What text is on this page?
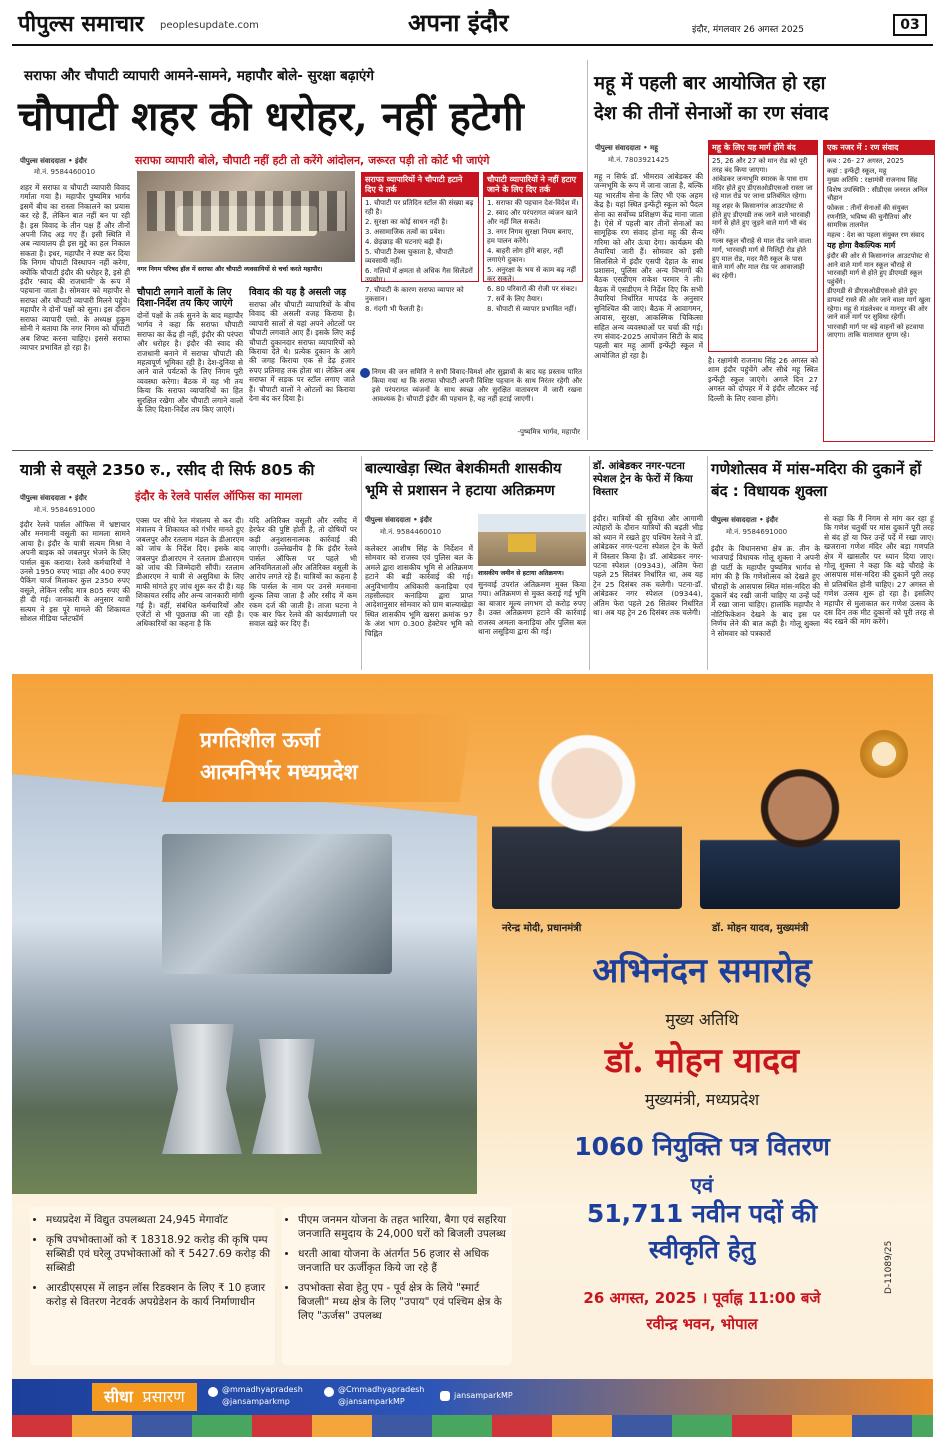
पीपुल्स समाचार peoplesupdate.com	अपना इंदौर	इंदौर, मंगलवार 26 अगस्त 2025	03
सराफा और चौपाटी व्यापारी आमने-सामने, महापौर बोले- सुरक्षा बढ़ाएंगे
चौपाटी शहर की धरोहर, नहीं हटेगी
पीपुल्स संवाददाता • इंदौर
मो.नं. 9584460010
सराफा व्यापारी बोले, चौपाटी नहीं हटी तो करेंगे आंदोलन, जरूरत पड़ी तो कोर्ट भी जाएंगे
शहर में सराफा व चौपाटी व्यापारी विवाद गर्माता गया है। महापौर पुष्यमित्र भार्गव इसमें बीच का रास्ता निकालने का प्रयास कर रहे हैं, लेकिन बात नहीं बन पा रही है। इस विवाद के तीन पक्ष हैं और तीनों अपनी जिद अड़ गए हैं। इसी स्थिति में अब न्यायालय ही इस मुद्दे का हल निकाल सकता है। इधर, महापौर ने स्पष्ट कर दिया कि निगम चौपाटी विस्थापन नहीं करेगा, क्योंकि चौपाटी इंदौर की धरोहर है, इसे ही इंदौर 'स्वाद की राजधानी' के रूप में पहचाना जाता है। सोमवार को महापौर से सराफा और चौपाटी व्यापारी मिलने पहुंचे। महापौर ने दोनों पक्षों को सुना। इस दौरान सराफा व्यापारी एसो. के अध्यक्ष हुकुम सोनी ने बताया कि नगर निगम को चौपाटी अब शिफ्ट करना चाहिए। इससे सराफा व्यापार प्रभावित हो रहा है।
नगर निगम परिषद हॉल में सराफा और चौपाटी व्यवसायियों से चर्चा करते महापौर।
सराफा व्यापारियों ने चौपाटी हटाने दिए ये तर्क
1. चौपाटी पर प्रतिदिन स्टॉल की संख्या बढ़ रही है।
2. सुरक्षा का कोई साधन नहीं है।
3. असामाजिक तत्वों का प्रवेश।
4. छेड़छाड़ की घटनाएं बढ़ी हैं।
5. चौपाटी टैक्स चुकाता है, चौपाटी व्यवसायी नहीं।
6. गलियों में क्षमता से अधिक गैस सिलेंडरों उपयोग।
7. चौपाटी के कारण सराफा व्यापार को नुकसान।
8. गंदगी भी फैलती है।
चौपाटी व्यापारियों ने नहीं हटाए जाने के लिए दिए तर्क
1. सराफा की पहचान देश-विदेश में।
2. स्वाद और परंपरागत व्यंजन खाने और नहीं मिल सकते।
3. नगर निगम सुरक्षा नियम बनाए, हम पालन करेंगे।
4. बाहरी लोग होंगे बाहर, नहीं लगाएंगे दुकान।
5. अनुरक्षा के भय से काम बढ़ नहीं कर सकते।
6. 80 परिवारों की रोजी पर संकट।
7. सर्वे के लिए तैयार।
8. चौपाटी से व्यापार प्रभावित नहीं।
चौपाटी लगाने वालों के लिए दिशा-निर्देश तय किए जाएंगे
दोनों पक्षों के तर्क सुनने के बाद महापौर भार्गव ने कहा कि सराफा चौपाटी सराफा का केंद्र ही नहीं, इंदौर की परंपरा और धरोहर है। इंदौर की स्वाद की राजधानी बनाने में सराफा चौपाटी की महत्वपूर्ण भूमिका रही है। देश-दुनिया से आने वाले पर्यटकों के लिए निगम पूरी व्यवस्था करेगा। बैठक में यह भी तय किया कि सराफा व्यापारियों का हित सुरक्षित रखेगा और चौपाटी लगाने वालों के लिए दिशा-निर्देश तय किए जाएंगे।
विवाद की यह है असली जड़
सराफा और चौपाटी व्यापारियों के बीच विवाद की असली वजह किराया है। व्यापारी सालों से यहां अपने ओटलों पर चौपाटी लगवाते आए हैं। इसके लिए कई चौपाटी दुकानदार सराफा व्यापारियों को किराया देते थे। प्रत्येक दुकान के आगे की जगह किराया एक से डेढ़ हजार रुपए प्रतिमाह तक होता था। लेकिन अब सराफा में सड़क पर स्टॉल लगाए जाते हैं। चौपाटी वालों ने ओटलों का किराया देना बंद कर दिया है।
निगम की जन समिति ने सभी विवाद-विमर्श और सुझावों के बाद यह प्रस्ताव पारित किया गया था कि सराफा चौपाटी अपनी विशिष्ट पहचान के साथ निरंतर रहेगी और इसे परंपरागत व्यंजनों के साथ स्वच्छ और सुरक्षित वातावरण में जारी रखना आवश्यक है। चौपाटी इंदौर की पहचान है, यह नहीं हटाई जाएगी।
-पुष्यमित्र भार्गव, महापौर
महू में पहली बार आयोजित हो रहा
देश की तीनों सेनाओं का रण संवाद
पीपुल्स संवाददाता • महू
मो.नं. 7803921425
महू न सिर्फ डॉ. भीमराव आंबेडकर की जन्मभूमि के रूप में जाना जाता है, बल्कि यह भारतीय सेना के लिए भी एक अहम केंद्र है। यहां स्थित इन्फेंट्री स्कूल को पैदल सेना का सर्वोच्च प्रशिक्षण केंद्र माना जाता है। ऐसे में पहली बार तीनों सेनाओं का सामूहिक रण संवाद होना महू की सैन्य गरिमा को और ऊंचा देगा। कार्यक्रम की तैयारियां जारी हैं। सोमवार को इसी सिलसिले में इंदौर एसपी देहात के साथ प्रशासन, पुलिस और अन्य विभागों की बैठक एसडीएम राकेश परमार ने ली। बैठक में एसडीएम ने निर्देश दिए कि सभी तैयारियां निर्धारित मापदंड के अनुसार सुनिश्चित की जाएं। बैठक में आवागमन, आवास, सुरक्षा, आकस्मिक चिकित्सा सहित अन्य व्यवस्थाओं पर चर्चा की गई। रण संवाद-2025 आयोजन सिटी के बाद पहली बार महू आर्मी इन्फेंट्री स्कूल में आयोजित हो रहा है।
महू के लिए यह मार्ग होंगे बंद
25, 26 और 27 को मान रोड को पूरी तरह बंद किया जाएगा।
आंबेडकर जन्मभूमि स्मारक के पास राम मंदिर होते हुए डीएसओडीएसओ रास्ता जा रहे माल रोड पर जाना प्रतिबंधित रहेगा।
महू शहर के किसानगंज आउटपोस्ट से होते हुए डीएमडी तक जाने वाले भारवाही मार्ग से होते हुए जुड़ने वाले मार्ग भी बंद रहेंगे।
गल्स स्कूल चौराहे से माल रोड जाने वाला मार्ग, भारवाही मार्ग से मिलिट्री रोड होते हुए माल रोड, मदर मैरी स्कूल के पास वाले मार्ग और माल रोड पर आवाजाही बंद रहेगी।
है। रक्षामंत्री राजनाथ सिंह 26 अगस्त को शाम इंदौर पहुंचेंगे और सीधे महू स्थित इन्फेंट्री स्कूल जाएंगे। अगले दिन 27 अगस्त को दोपहर में वे इंदौर लौटकर नई दिल्ली के लिए रवाना होंगे।
एक नजर में : रण संवाद
कब : 26- 27 अगस्त, 2025
कहां : इन्फेंट्री स्कूल, महू
मुख्य अतिथि : रक्षामंत्री राजनाथ सिंह
विशेष उपस्थिति : सीडीएस जनरल अनिल चौहान
फोकस : तीनों सेनाओं की संयुक्त रणनीति, भविष्य की चुनौतियां और सामरिक तालमेल
महत्व : देश का पहला संयुक्त रण संवाद
यह होगा वैकल्पिक मार्ग
इंदौर की ओर से किसानगंज आउटपोस्ट से आने वाले मार्ग मान स्कूल चौराहे से भारवाही मार्ग से होते हुए डीएमडी स्कूल पहुंचेंगे।
डीएमडी से डीएसओडीएसओ होते हुए डायवर्ट रास्ते की ओर जाने वाला मार्ग खुला रहेगा। महू से मंडलेश्वर व मानपुर की ओर जाने वाले मार्ग पर सुविधा रहेगी।
भारवाही मार्ग पर बड़े वाहनों को हटवाया जाएगा। ताकि यातायात सुगम रहे।
यात्री से वसूले 2350 रु., रसीद दी सिर्फ 805 की
इंदौर के रेलवे पार्सल ऑफिस का मामला
पीपुल्स संवाददाता • इंदौर
मो.नं. 9584691000
इंदौर रेलवे पार्सल ऑफिस में भ्रष्टाचार और मनमानी वसूली का मामला सामने आया है। इंदौर के यात्री सत्यम मिश्रा ने अपनी बाइक को जबलपुर भेजने के लिए पार्सल बुक कराया। रेलवे कर्मचारियों ने उनसे 1950 रुपए भाड़ा और 400 रुपए पैकिंग चार्ज मिलाकर कुल 2350 रुपए वसूले, लेकिन रसीद मात्र 805 रुपए की ही दी गई। जानकारी के अनुसार यात्री सत्यम ने इस पूरे मामले की शिकायत सोशल मीडिया प्लेटफॉर्म
एक्स पर सीधे रेल मंत्रालय से कर दी। मंत्रालय ने शिकायत को गंभीर मानते हुए जबलपुर और रतलाम मंडल के डीआरएम को जांच के निर्देश दिए। इसके बाद जबलपुर डीआरएम ने रतलाम डीआरएम को जांच की जिम्मेदारी सौंपी। रतलाम डीआरएम ने यात्री से असुविधा के लिए माफी मांगते हुए जांच शुरू कर दी है। यह शिकायत रसीद और अन्य जानकारी मांगी गई है। वहीं, संबंधित कर्मचारियों और एजेंटों से भी पूछताछ की जा रही है। अधिकारियों का कहना है कि
यदि अतिरिक्त वसूली और रसीद में हेरफेर की पुष्टि होती है, तो दोषियों पर कड़ी अनुशासनात्मक कार्रवाई की जाएगी। उल्लेखनीय है कि इंदौर रेलवे पार्सल ऑफिस पर पहले भी अनियमितताओं और अतिरिक्त वसूली के आरोप लगते रहे हैं। यात्रियों का कहना है कि पार्सल के नाम पर उनसे मनमाना शुल्क लिया जाता है और रसीद में कम रकम दर्ज की जाती है। ताजा घटना ने एक बार फिर रेलवे की कार्यप्रणाली पर सवाल खड़े कर दिए हैं।
बाल्याखेड़ा स्थित बेशकीमती शासकीय भूमि से प्रशासन ने हटाया अतिक्रमण
पीपुल्स संवाददाता • इंदौर
मो.नं. 9584460010
शासकीय जमीन से हटाया अतिक्रमण।
कलेक्टर आशीष सिंह के निर्देशन में सोमवार को राजस्व एवं पुलिस बल के अमले द्वारा शासकीय भूमि से अतिक्रमण हटाने की बड़ी कार्रवाई की गई। अनुविभागीय अधिकारी कनाड़िया एवं तहसीलदार कनाड़िया द्वारा प्राप्त आदेशानुसार सोमवार को ग्राम बाल्याखेड़ा स्थित शासकीय भूमि खसरा क्रमांक 97 के अंश भाग 0.300 हेक्टेयर भूमि को चिह्नित
सुनवाई उपरांत अतिक्रमण मुक्त किया गया। अतिक्रमण से मुक्त कराई गई भूमि का बाजार मूल्य लगभग दो करोड़ रुपए है। उक्त अतिक्रमण हटाने की कार्रवाई राजस्व अमला कनाड़िया और पुलिस बल थाना लसूड़िया द्वारा की गई।
डॉ. आंबेडकर नगर-पटना स्पेशल ट्रेन के फेरों में किया विस्तार
इंदौर। यात्रियों की सुविधा और आगामी त्योहारों के दौरान यात्रियों की बढ़ती भीड़ को ध्यान में रखते हुए पश्चिम रेलवे ने डॉ. आंबेडकर नगर-पटना स्पेशल ट्रेन के फेरों में विस्तार किया है। डॉ. आंबेडकर नगर-पटना स्पेशल (09343), अंतिम फेरा पहले 25 सितंबर निर्धारित था, अब यह ट्रेन 25 दिसंबर तक चलेगी। पटना-डॉ. आंबेडकर नगर स्पेशल (09344), अंतिम फेरा पहले 26 सितंबर निर्धारित था। अब यह ट्रेन 26 दिसंबर तक चलेगी।
गणेशोत्सव में मांस-मदिरा की दुकानें हों बंद : विधायक शुक्ला
पीपुल्स संवाददाता • इंदौर
मो.नं. 9584691000
इंदौर के विधानसभा क्षेत्र क्र. तीन के भाजपाई विधायक गोलू शुक्ला ने अपनी ही पार्टी के महापौर पुष्यमित्र भार्गव से मांग की है कि गणेशोत्सव को देखते हुए चौराहों के आसपास स्थित मांस-मदिरा की दुकानें बंद रखी जानी चाहिए या उन्हें पर्दे में रखा जाना चाहिए। हालांकि महापौर ने नोटिफिकेशन देखने के बाद इस पर निर्णय लेने की बात कही है। गोलू शुक्ला ने सोमवार को पत्रकारों
से कहा कि मैं निगम से मांग कर रहा हूं कि गणेश चतुर्थी पर मांस दुकानें पूरी तरह से बंद हों या फिर उन्हें पर्दे में रखा जाए। खजराना गणेश मंदिर और बड़ा गणपति क्षेत्र में खासतौर पर ध्यान दिया जाए। गोलू शुक्ला ने कहा कि बड़े चौराहे के आसपास मांस-मदिरा की दुकानें पूरी तरह से प्रतिबंधित होनी चाहिए। 27 अगस्त से गणेश उत्सव शुरू हो रहा है। इसलिए महापौर से मुलाकात कर गणेश उत्सव के दस दिन तक मीट दुकानों को पूरी तरह से बंद रखने की मांग करेंगे।
प्रगतिशील ऊर्जा
आत्मनिर्भर मध्यप्रदेश
नरेन्द्र मोदी, प्रधानमंत्री	डॉ. मोहन यादव, मुख्यमंत्री
अभिनंदन समारोह
मुख्य अतिथि
डॉ. मोहन यादव
मुख्यमंत्री, मध्यप्रदेश
1060 नियुक्ति पत्र वितरण
एवं
51,711 नवीन पदों की
स्वीकृति हेतु
26 अगस्त, 2025 । पूर्वाह्न 11:00 बजे
रवीन्द्र भवन, भोपाल
D-11089/25
• मध्यप्रदेश में विद्युत उपलब्धता 24,945 मेगावॉट
• कृषि उपभोक्ताओं को ₹ 18318.92 करोड़ की कृषि पम्प सब्सिडी एवं घरेलू उपभोक्ताओं को ₹ 5427.69 करोड़ की सब्सिडी
• आरडीएसएस में लाइन लॉस रिडक्शन के लिए ₹ 10 हजार करोड़ से वितरण नेटवर्क अपग्रेडेशन के कार्य निर्माणाधीन
• पीएम जनमन योजना के तहत भारिया, बैगा एवं सहरिया जनजाति समुदाय के 24,000 घरों को बिजली उपलब्ध
• धरती आबा योजना के अंतर्गत 56 हजार से अधिक जनजाति घर ऊर्जीकृत किये जा रहे हैं
• उपभोक्ता सेवा हेतु एप - पूर्व क्षेत्र के लिये "स्मार्ट बिजली" मध्य क्षेत्र के लिए "उपाय" एवं पश्चिम क्षेत्र के लिए "ऊर्जस" उपलब्ध
सीधा प्रसारण	@mmadhyapradesh
@jansamparkmp
@Cmmadhyapradesh
@jansamparkMP
jansamparkMP
